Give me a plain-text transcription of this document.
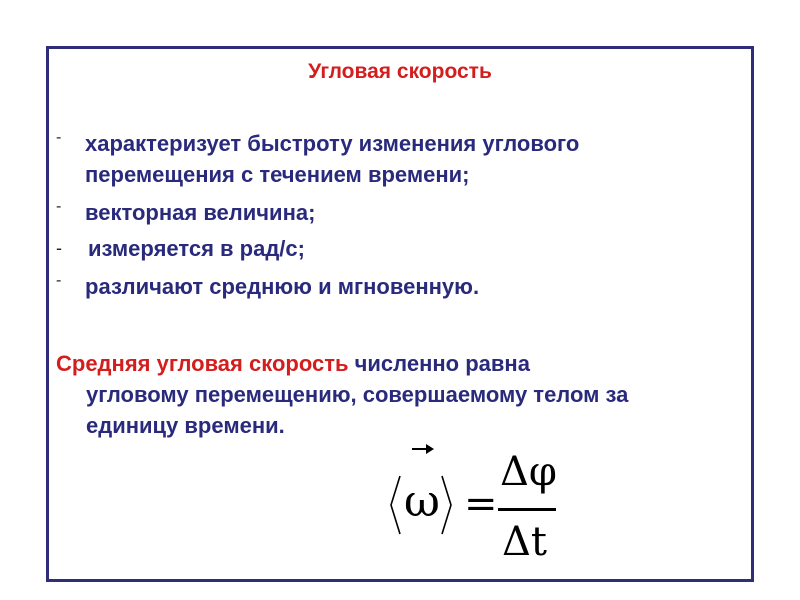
Угловая скорость
- характеризует быстроту изменения углового
перемещения с течением времени;
- векторная величина;
- измеряется в рад/с;
- различают среднюю и мгновенную.
Средняя угловая скорость численно равна
угловому перемещению, совершаемому телом за
единицу времени.
ω =
Δφ
Δt
